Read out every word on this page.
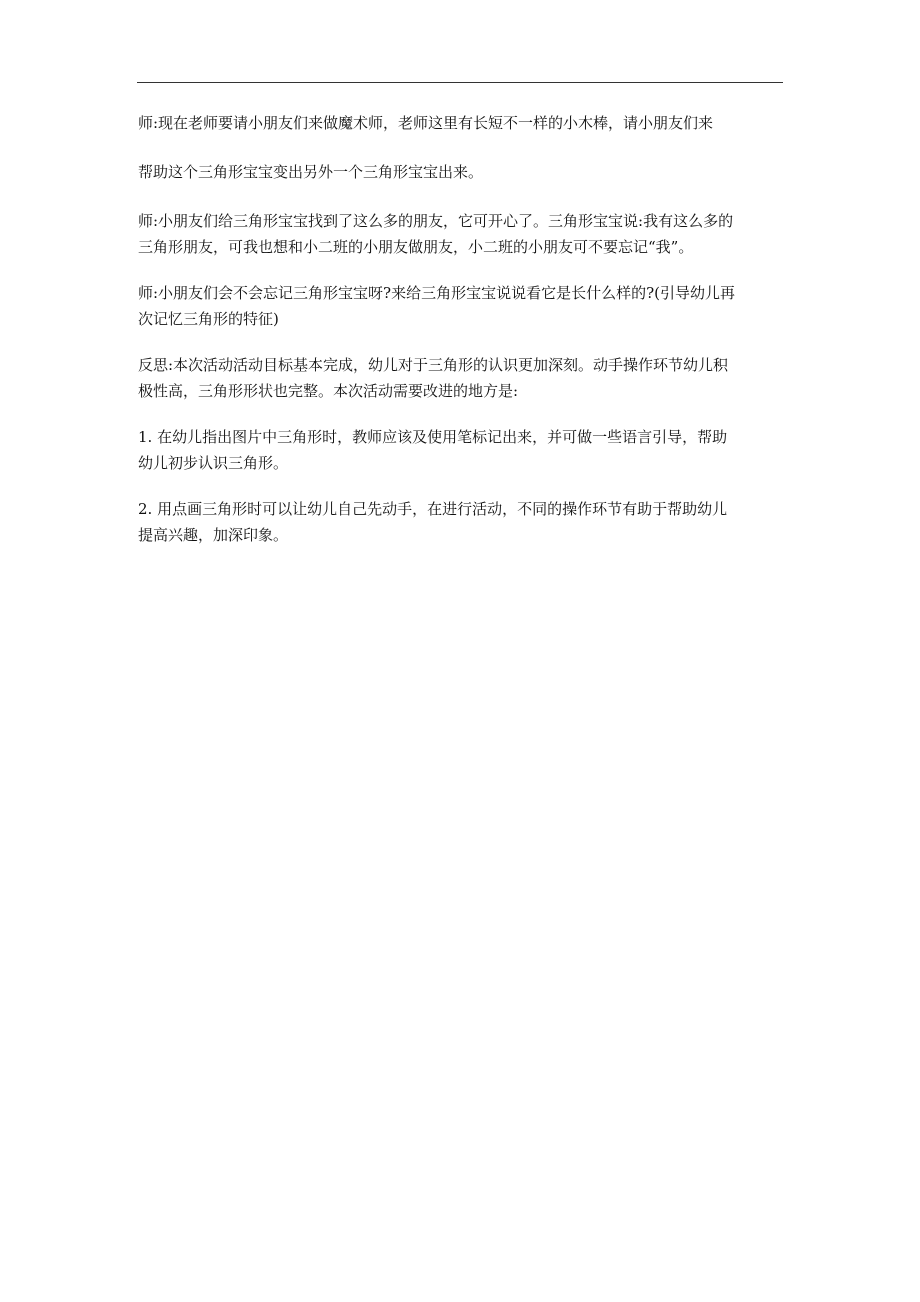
师:现在老师要请小朋友们来做魔术师，老师这里有长短不一样的小木棒，请小朋友们来

帮助这个三角形宝宝变出另外一个三角形宝宝出来。

师:小朋友们给三角形宝宝找到了这么多的朋友，它可开心了。三角形宝宝说:我有这么多的
三角形朋友，可我也想和小二班的小朋友做朋友，小二班的小朋友可不要忘记“我”。

师:小朋友们会不会忘记三角形宝宝呀?来给三角形宝宝说说看它是长什么样的?(引导幼儿再
次记忆三角形的特征)

反思:本次活动活动目标基本完成，幼儿对于三角形的认识更加深刻。动手操作环节幼儿积
极性高，三角形形状也完整。本次活动需要改进的地方是:

1. 在幼儿指出图片中三角形时，教师应该及使用笔标记出来，并可做一些语言引导，帮助
幼儿初步认识三角形。

2. 用点画三角形时可以让幼儿自己先动手，在进行活动，不同的操作环节有助于帮助幼儿
提高兴趣，加深印象。
